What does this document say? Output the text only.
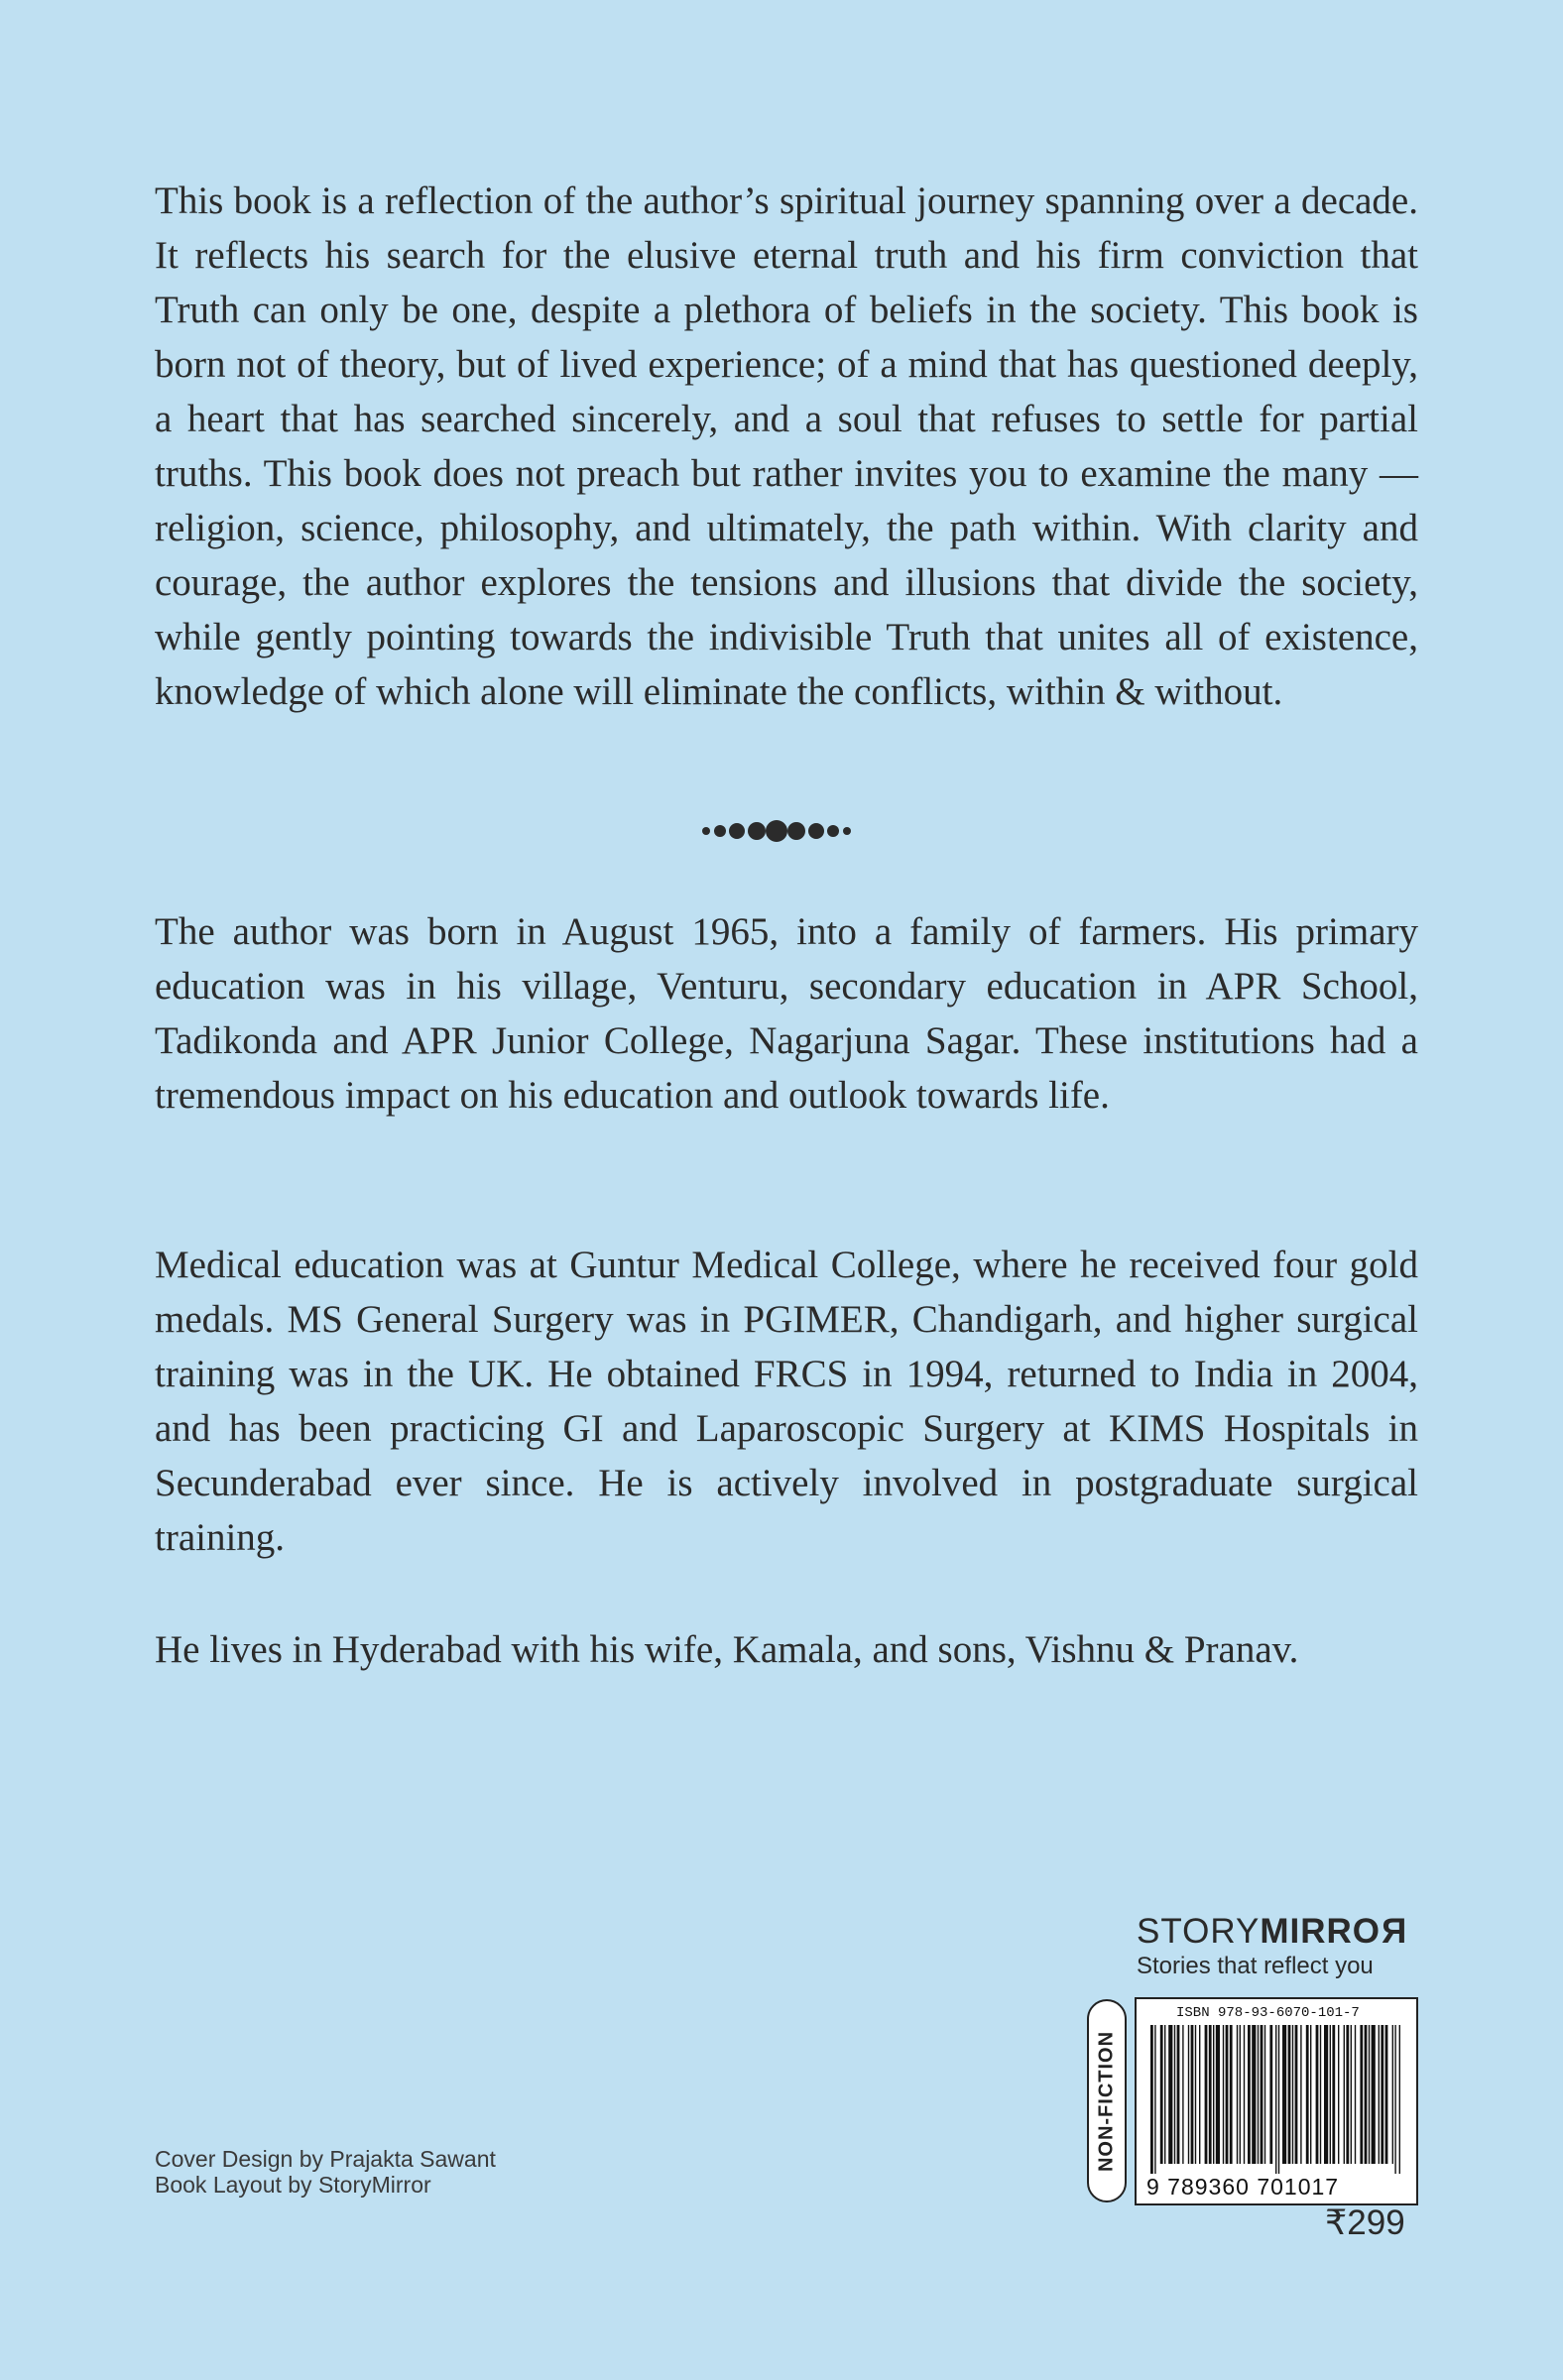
This book is a reflection of the author’s spiritual journey spanning over a decade. It reflects his search for the elusive eternal truth and his firm conviction that Truth can only be one, despite a plethora of beliefs in the society. This book is born not of theory, but of lived experience; of a mind that has questioned deeply, a heart that has searched sincerely, and a soul that refuses to settle for partial truths. This book does not preach but rather invites you to examine the many — religion, science, philosophy, and ultimately, the path within. With clarity and courage, the author explores the tensions and illusions that divide the society, while gently pointing towards the indivisible Truth that unites all of existence, knowledge of which alone will eliminate the conflicts, within & without.

The author was born in August 1965, into a family of farmers. His primary education was in his village, Venturu, secondary education in APR School, Tadikonda and APR Junior College, Nagarjuna Sagar. These institutions had a tremendous impact on his education and outlook towards life.

Medical education was at Guntur Medical College, where he received four gold medals. MS General Surgery was in PGIMER, Chandigarh, and higher surgical training was in the UK. He obtained FRCS in 1994, returned to India in 2004, and has been practicing GI and Laparoscopic Surgery at KIMS Hospitals in Secunderabad ever since. He is actively involved in postgraduate surgical training.

He lives in Hyderabad with his wife, Kamala, and sons, Vishnu & Pranav.

Cover Design by Prajakta Sawant
Book Layout by StoryMirror
STORYMIRROR
Stories that reflect you
NON-FICTION
ISBN 978-93-6070-101-7
9 789360 701017
₹299
